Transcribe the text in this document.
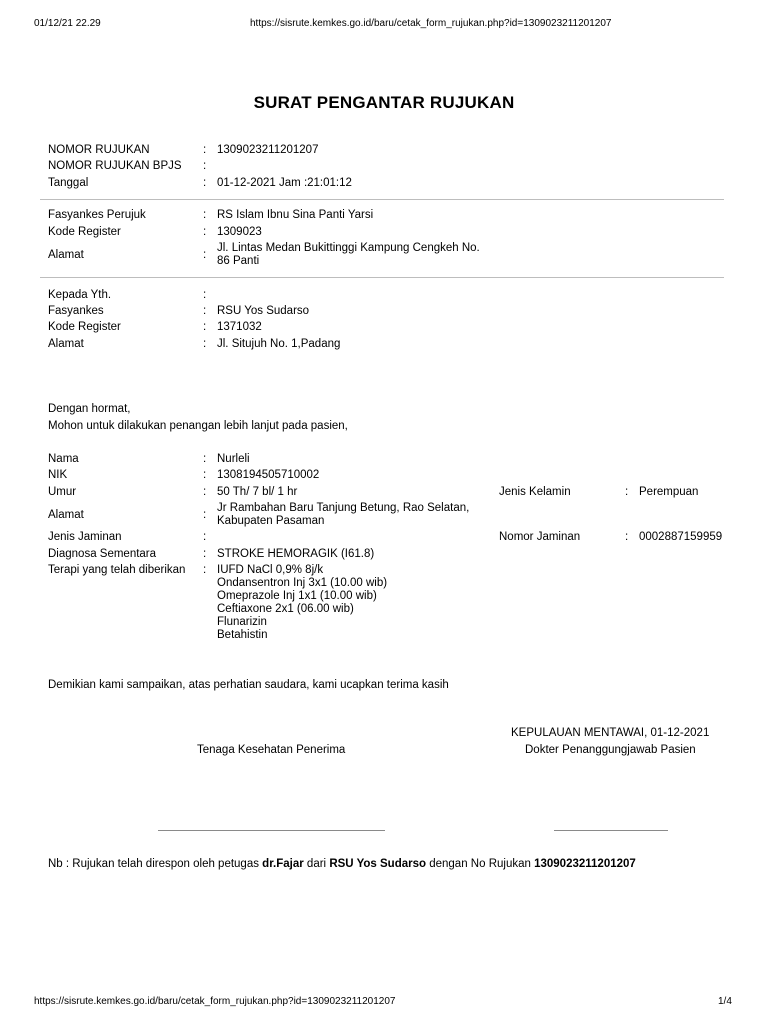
01/12/21 22.29	https://sisrute.kemkes.go.id/baru/cetak_form_rujukan.php?id=1309023211201207
SURAT PENGANTAR RUJUKAN
NOMOR RUJUKAN	: 1309023211201207
NOMOR RUJUKAN BPJS :
Tanggal	: 01-12-2021 Jam :21:01:12
Fasyankes Perujuk	: RS Islam Ibnu Sina Panti Yarsi
Kode Register	: 1309023
Alamat	:
Jl. Lintas Medan Bukittinggi Kampung Cengkeh No.
86 Panti
Kepada Yth.	:
Fasyankes	: RSU Yos Sudarso
Kode Register	: 1371032
Alamat	: Jl. Situjuh No. 1,Padang
Dengan hormat,
Mohon untuk dilakukan penangan lebih lanjut pada pasien,
Nama	: Nurleli
NIK	: 1308194505710002
Umur	: 50 Th/ 7 bl/ 1 hr	Jenis Kelamin	: Perempuan
Alamat	:
Jr Rambahan Baru Tanjung Betung, Rao Selatan,
Kabupaten Pasaman
Jenis Jaminan	:	Nomor Jaminan	: 0002887159959
Diagnosa Sementara	: STROKE HEMORAGIK (I61.8)
Terapi yang telah diberikan : IUFD NaCl 0,9% 8j/k
Ondansentron Inj 3x1 (10.00 wib)
Omeprazole Inj 1x1 (10.00 wib)
Ceftiaxone 2x1 (06.00 wib)
Flunarizin
Betahistin
Demikian kami sampaikan, atas perhatian saudara, kami ucapkan terima kasih
KEPULAUAN MENTAWAI, 01-12-2021
Tenaga Kesehatan Penerima	Dokter Penanggungjawab Pasien
Nb : Rujukan telah direspon oleh petugas dr.Fajar dari RSU Yos Sudarso dengan No Rujukan 1309023211201207
https://sisrute.kemkes.go.id/baru/cetak_form_rujukan.php?id=1309023211201207	1/4
